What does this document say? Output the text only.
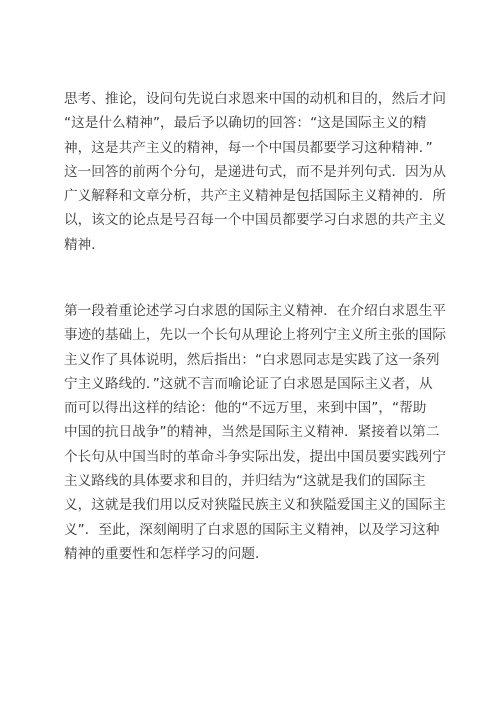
思考、推论，设问句先说白求恩来中国的动机和目的，然后才问
“这是什么精神”，最后予以确切的回答：“这是国际主义的精
神，这是共产主义的精神，每一个中国员都要学习这种精神．”
这一回答的前两个分句，是递进句式，而不是并列句式．因为从
广义解释和文章分析，共产主义精神是包括国际主义精神的．所
以，该文的论点是号召每一个中国员都要学习白求恩的共产主义
精神．
第一段着重论述学习白求恩的国际主义精神．在介绍白求恩生平
事迹的基础上，先以一个长句从理论上将列宁主义所主张的国际
主义作了具体说明，然后指出：“白求恩同志是实践了这一条列
宁主义路线的．”这就不言而喻论证了白求恩是国际主义者，从
而可以得出这样的结论：他的“不远万里，来到中国”，“帮助
中国的抗日战争”的精神，当然是国际主义精神．紧接着以第二
个长句从中国当时的革命斗争实际出发，提出中国员要实践列宁
主义路线的具体要求和目的，并归结为“这就是我们的国际主
义，这就是我们用以反对狭隘民族主义和狭隘爱国主义的国际主
义”．至此，深刻阐明了白求恩的国际主义精神，以及学习这种
精神的重要性和怎样学习的问题．
